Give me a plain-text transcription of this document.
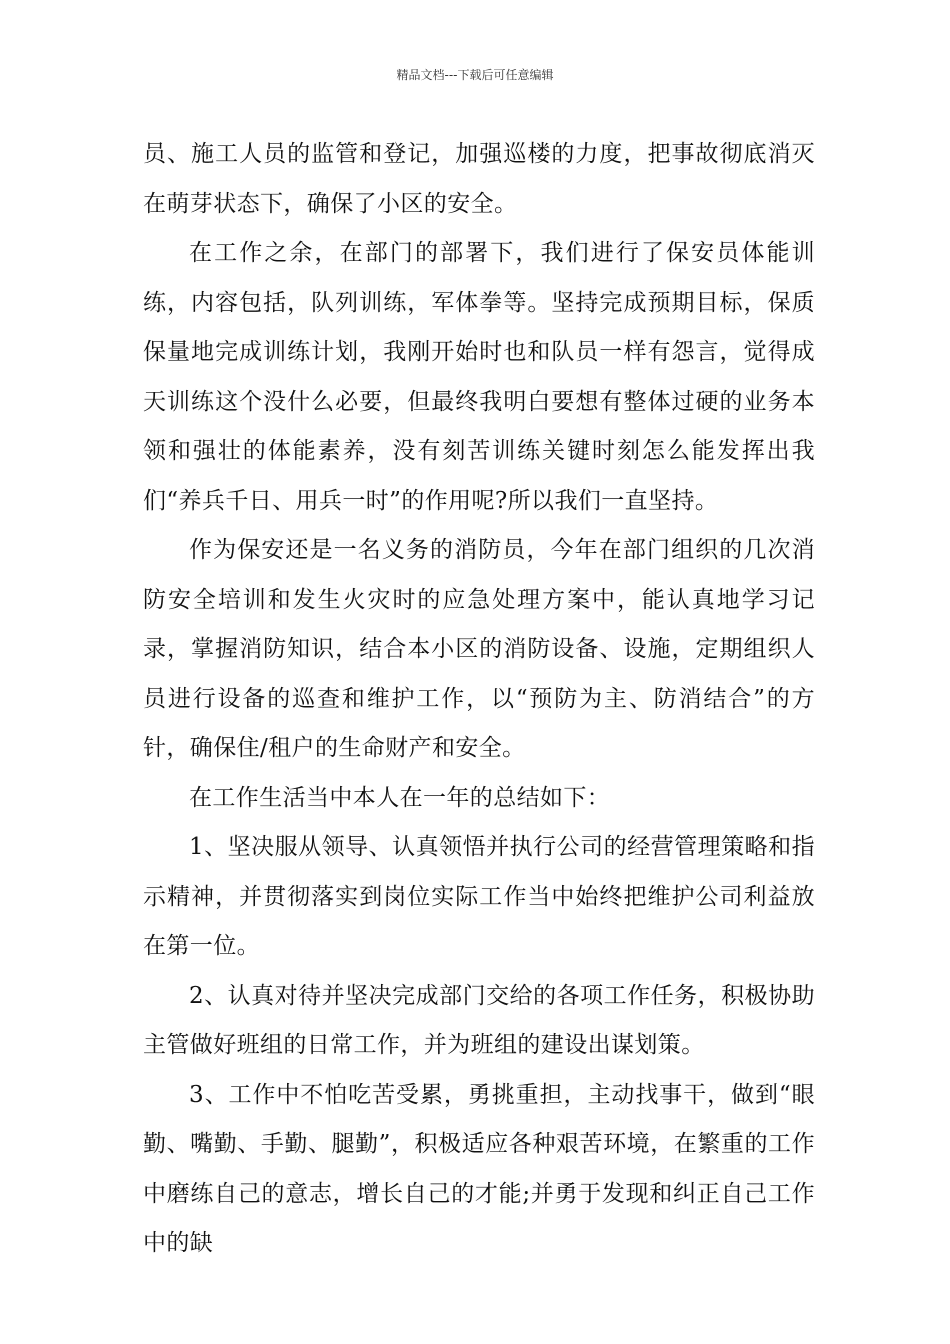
精品文档---下载后可任意编辑

员、施工人员的监管和登记，加强巡楼的力度，把事故彻底消灭在萌芽状态下，确保了小区的安全。

在工作之余，在部门的部署下，我们进行了保安员体能训练，内容包括，队列训练，军体拳等。坚持完成预期目标，保质保量地完成训练计划，我刚开始时也和队员一样有怨言，觉得成天训练这个没什么必要，但最终我明白要想有整体过硬的业务本领和强壮的体能素养，没有刻苦训练关键时刻怎么能发挥出我们“养兵千日、用兵一时”的作用呢?所以我们一直坚持。

作为保安还是一名义务的消防员，今年在部门组织的几次消防安全培训和发生火灾时的应急处理方案中，能认真地学习记录，掌握消防知识，结合本小区的消防设备、设施，定期组织人员进行设备的巡查和维护工作，以“预防为主、防消结合”的方针，确保住/租户的生命财产和安全。

在工作生活当中本人在一年的总结如下：

1、坚决服从领导、认真领悟并执行公司的经营管理策略和指示精神，并贯彻落实到岗位实际工作当中始终把维护公司利益放在第一位。

2、认真对待并坚决完成部门交给的各项工作任务，积极协助主管做好班组的日常工作，并为班组的建设出谋划策。

3、工作中不怕吃苦受累，勇挑重担，主动找事干，做到“眼勤、嘴勤、手勤、腿勤”，积极适应各种艰苦环境，在繁重的工作中磨练自己的意志，增长自己的才能;并勇于发现和纠正自己工作中的缺
